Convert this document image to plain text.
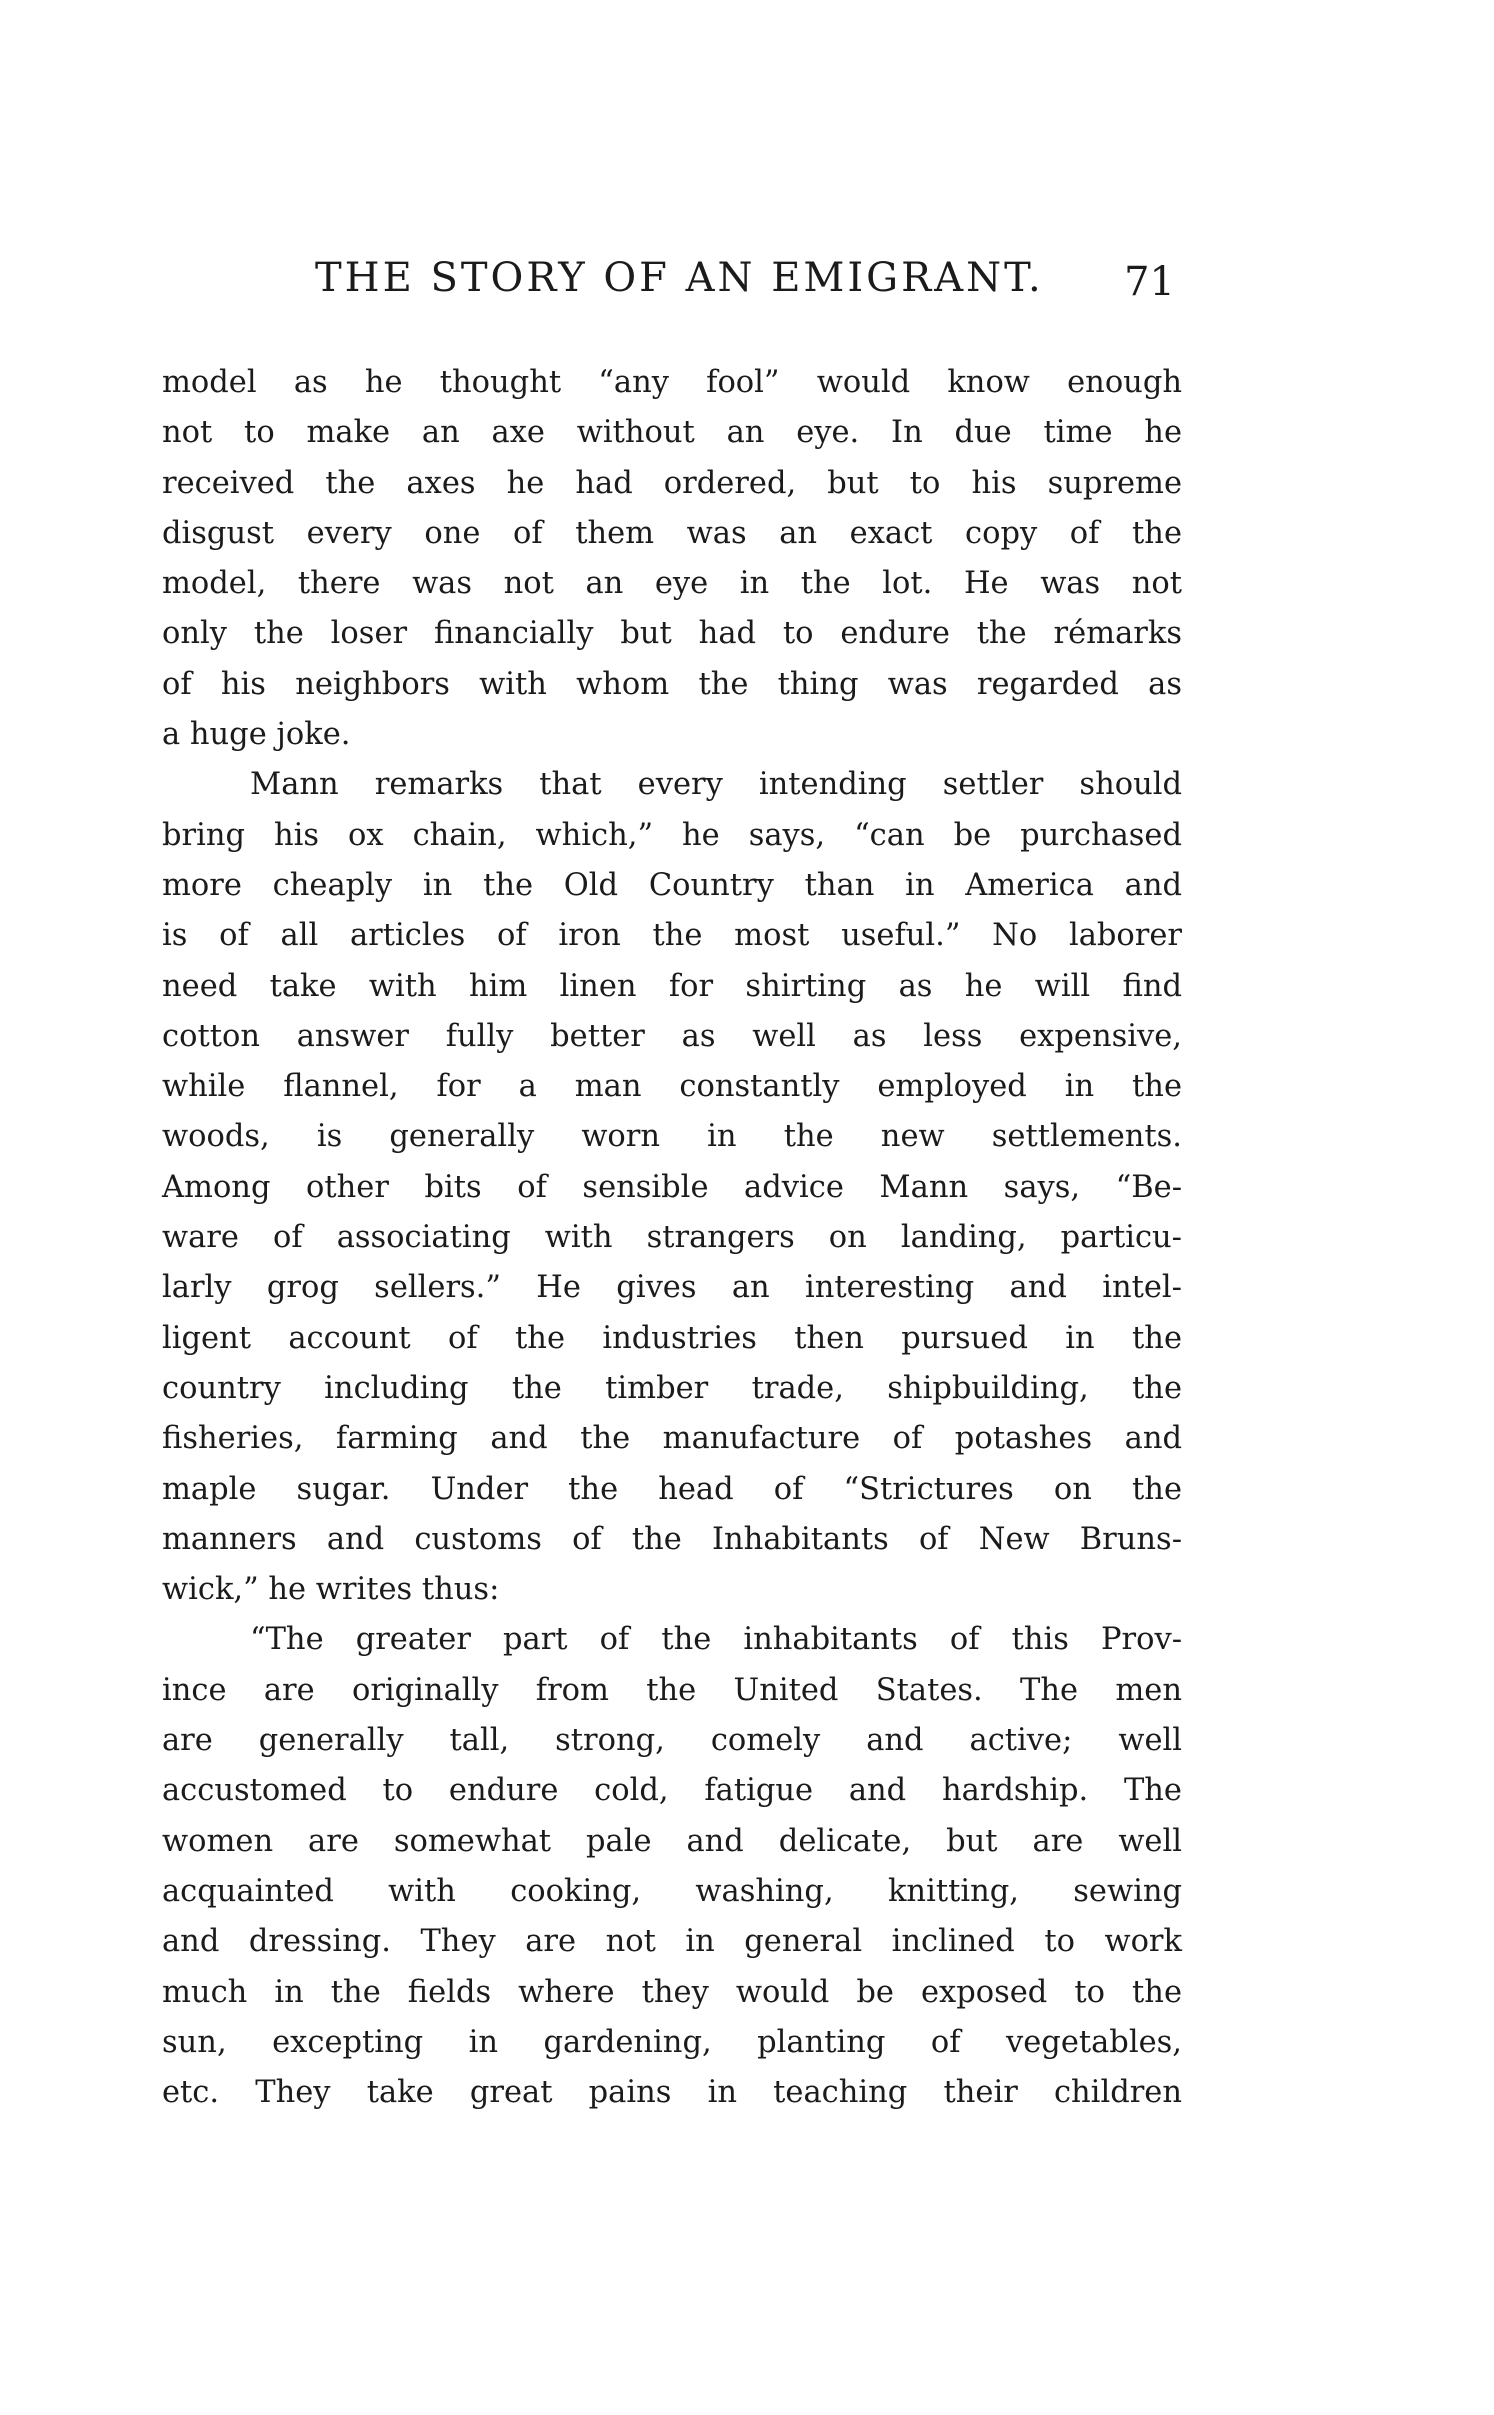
THE STORY OF AN EMIGRANT. 71
model as he thought “any fool” would know enough
not to make an axe without an eye. In due time he
received the axes he had ordered, but to his supreme
disgust every one of them was an exact copy of the
model, there was not an eye in the lot. He was not
only the loser financially but had to endure the rémarks
of his neighbors with whom the thing was regarded as
a huge joke.
Mann remarks that every intending settler should
bring his ox chain, which,” he says, “can be purchased
more cheaply in the Old Country than in America and
is of all articles of iron the most useful.” No laborer
need take with him linen for shirting as he will find
cotton answer fully better as well as less expensive,
while flannel, for a man constantly employed in the
woods, is generally worn in the new settlements.
Among other bits of sensible advice Mann says, “Be-
ware of associating with strangers on landing, particu-
larly grog sellers.” He gives an interesting and intel-
ligent account of the industries then pursued in the
country including the timber trade, shipbuilding, the
fisheries, farming and the manufacture of potashes and
maple sugar. Under the head of “Strictures on the
manners and customs of the Inhabitants of New Bruns-
wick,” he writes thus:
“The greater part of the inhabitants of this Prov-
ince are originally from the United States. The men
are generally tall, strong, comely and active; well
accustomed to endure cold, fatigue and hardship. The
women are somewhat pale and delicate, but are well
acquainted with cooking, washing, knitting, sewing
and dressing. They are not in general inclined to work
much in the fields where they would be exposed to the
sun, excepting in gardening, planting of vegetables,
etc. They take great pains in teaching their children
